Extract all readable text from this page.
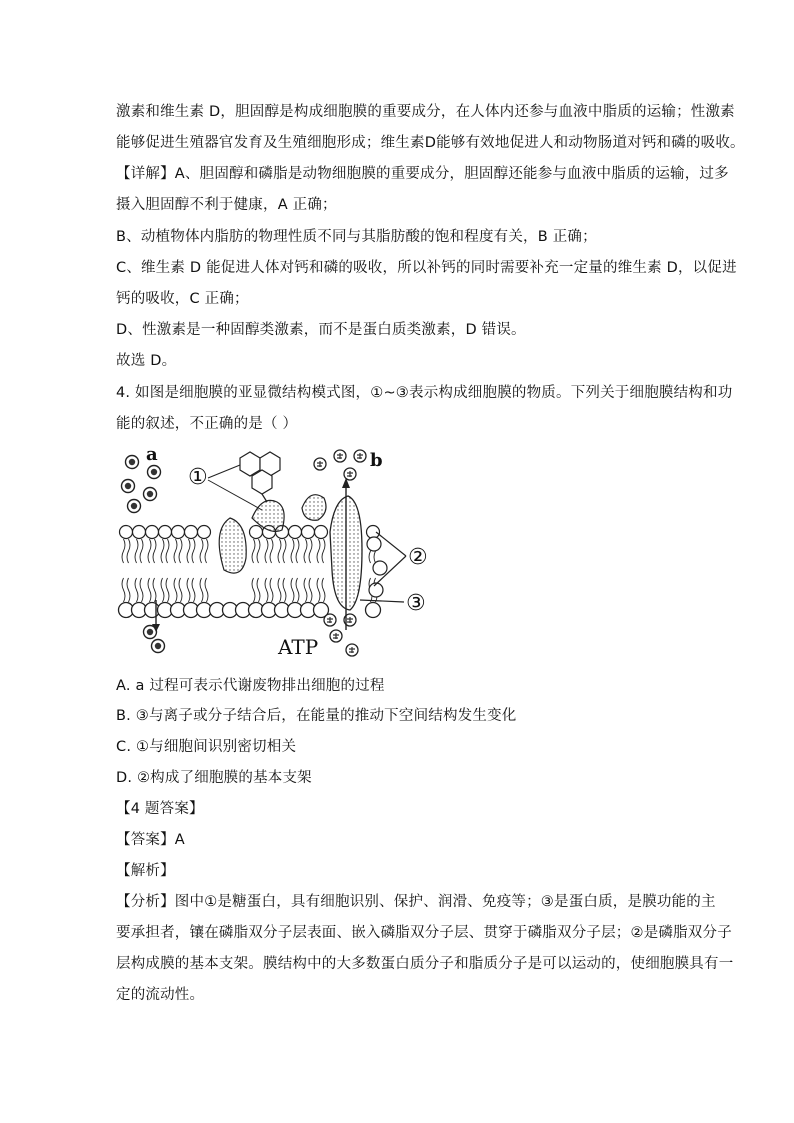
激素和维生素 D，胆固醇是构成细胞膜的重要成分，在人体内还参与血液中脂质的运输；性激素
能够促进生殖器官发育及生殖细胞形成；维生素D能够有效地促进人和动物肠道对钙和磷的吸收。
【详解】A、胆固醇和磷脂是动物细胞膜的重要成分，胆固醇还能参与血液中脂质的运输，过多
摄入胆固醇不利于健康，A 正确；
B、动植物体内脂肪的物理性质不同与其脂肪酸的饱和程度有关，B 正确；
C、维生素 D 能促进人体对钙和磷的吸收，所以补钙的同时需要补充一定量的维生素 D，以促进
钙的吸收，C 正确；
D、性激素是一种固醇类激素，而不是蛋白质类激素，D 错误。
故选 D。
4. 如图是细胞膜的亚显微结构模式图，①~③表示构成细胞膜的物质。下列关于细胞膜结构和功
能的叙述，不正确的是（ ）
a	b
①
②
③
ATP
A. a 过程可表示代谢废物排出细胞的过程
B. ③与离子或分子结合后，在能量的推动下空间结构发生变化
C. ①与细胞间识别密切相关
D. ②构成了细胞膜的基本支架
【4 题答案】
【答案】A
【解析】
【分析】图中①是糖蛋白，具有细胞识别、保护、润滑、免疫等；③是蛋白质，是膜功能的主
要承担者，镶在磷脂双分子层表面、嵌入磷脂双分子层、贯穿于磷脂双分子层；②是磷脂双分子
层构成膜的基本支架。膜结构中的大多数蛋白质分子和脂质分子是可以运动的，使细胞膜具有一
定的流动性。
